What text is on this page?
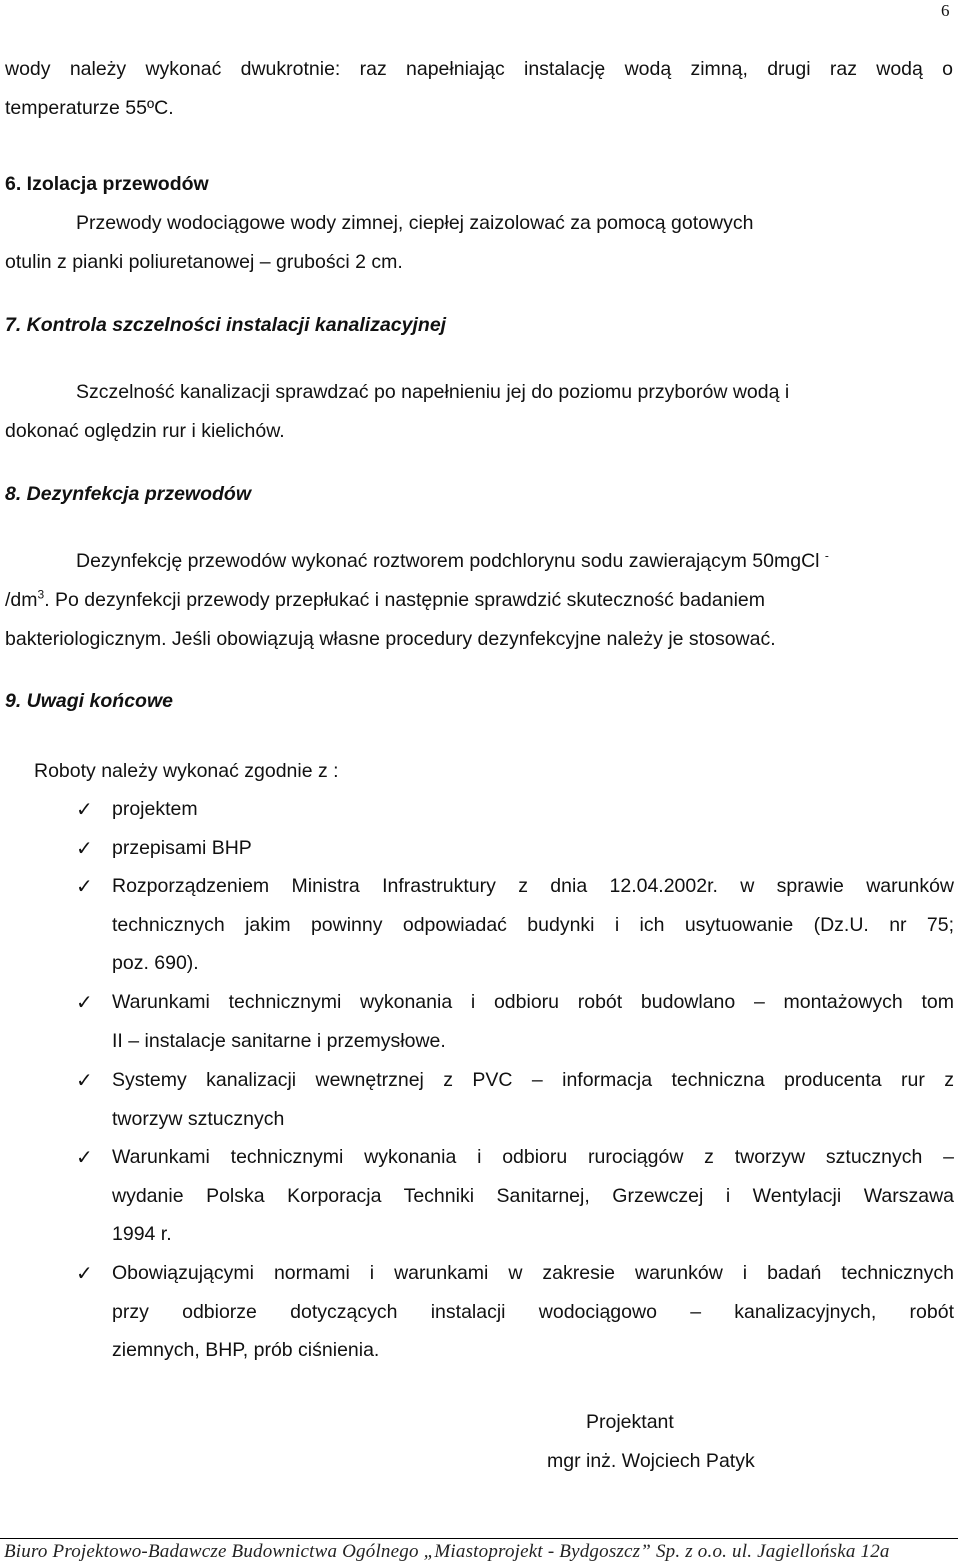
6
wody należy wykonać dwukrotnie: raz napełniając instalację wodą zimną, drugi raz wodą o
temperaturze 55ºC.
6. Izolacja przewodów
Przewody wodociągowe wody zimnej, ciepłej zaizolować za pomocą gotowych
otulin z pianki poliuretanowej – grubości 2 cm.
7. Kontrola szczelności instalacji kanalizacyjnej
Szczelność kanalizacji sprawdzać po napełnieniu jej do poziomu przyborów wodą i
dokonać oględzin rur i kielichów.
8. Dezynfekcja przewodów
Dezynfekcję przewodów wykonać roztworem podchlorynu sodu zawierającym 50mgCl -
$/dm^3$. Po dezynfekcji przewody przepłukać i następnie sprawdzić skuteczność badaniem
bakteriologicznym. Jeśli obowiązują własne procedury dezynfekcyjne należy je stosować.
9. Uwagi końcowe
Roboty należy wykonać zgodnie z :
✓ projektem
✓ przepisami BHP
✓ Rozporządzeniem Ministra Infrastruktury z dnia 12.04.2002r. w sprawie warunków
technicznych jakim powinny odpowiadać budynki i ich usytuowanie (Dz.U. nr 75;
poz. 690).
✓ Warunkami technicznymi wykonania i odbioru robót budowlano – montażowych tom
II – instalacje sanitarne i przemysłowe.
✓ Systemy kanalizacji wewnętrznej z PVC – informacja techniczna producenta rur z
tworzyw sztucznych
✓ Warunkami technicznymi wykonania i odbioru rurociągów z tworzyw sztucznych –
wydanie Polska Korporacja Techniki Sanitarnej, Grzewczej i Wentylacji Warszawa
1994 r.
✓ Obowiązującymi normami i warunkami w zakresie warunków i badań technicznych
przy odbiorze dotyczących instalacji wodociągowo – kanalizacyjnych, robót
ziemnych, BHP, prób ciśnienia.
Projektant
mgr inż. Wojciech Patyk
Biuro Projektowo-Badawcze Budownictwa Ogólnego „Miastoprojekt - Bydgoszcz” Sp. z o.o. ul. Jagiellońska 12a
